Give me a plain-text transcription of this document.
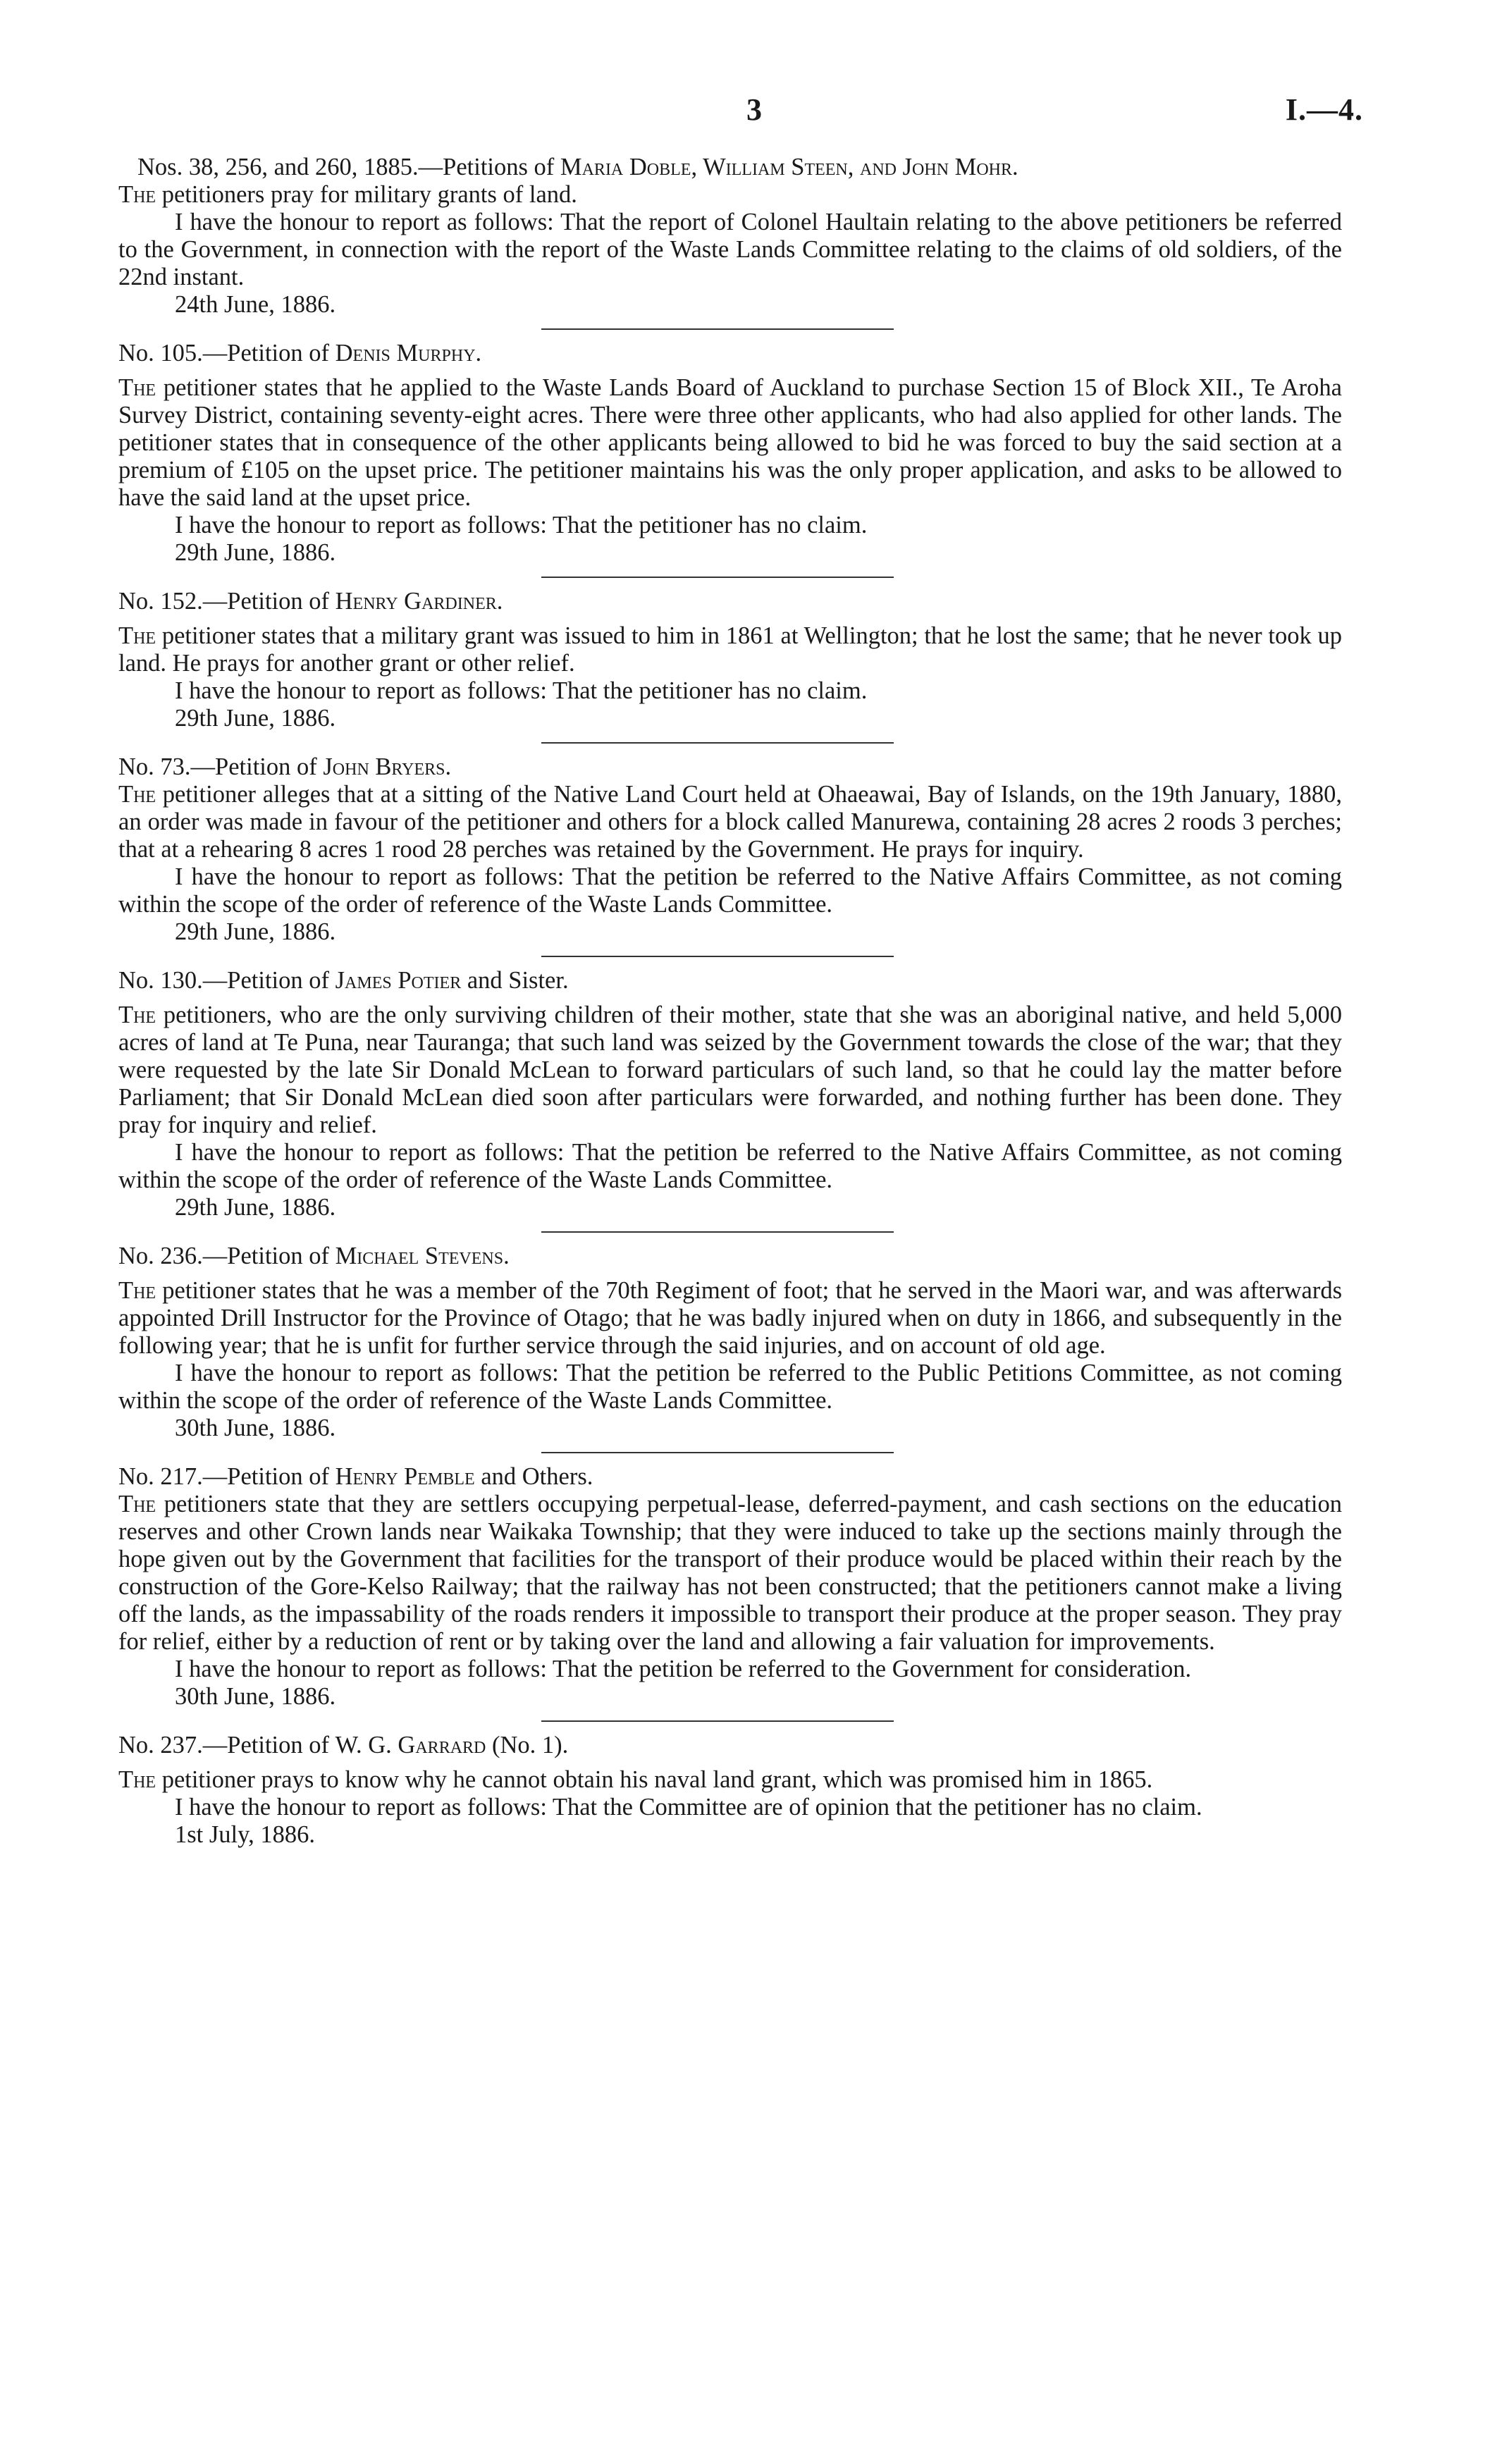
3	I.—4.

Nos. 38, 256, and 260, 1885.—Petitions of Maria Doble, William Steen, and John Mohr.

The petitioners pray for military grants of land.

I have the honour to report as follows: That the report of Colonel Haultain relating to the above petitioners be referred to the Government, in connection with the report of the Waste Lands Committee relating to the claims of old soldiers, of the 22nd instant.

24th June, 1886.

No. 105.—Petition of Denis Murphy.

The petitioner states that he applied to the Waste Lands Board of Auckland to purchase Section 15 of Block XII., Te Aroha Survey District, containing seventy-eight acres. There were three other applicants, who had also applied for other lands. The petitioner states that in consequence of the other applicants being allowed to bid he was forced to buy the said section at a premium of £105 on the upset price. The petitioner maintains his was the only proper application, and asks to be allowed to have the said land at the upset price.

I have the honour to report as follows: That the petitioner has no claim.

29th June, 1886.

No. 152.—Petition of Henry Gardiner.

The petitioner states that a military grant was issued to him in 1861 at Wellington; that he lost the same; that he never took up land. He prays for another grant or other relief.

I have the honour to report as follows: That the petitioner has no claim.

29th June, 1886.

No. 73.—Petition of John Bryers.

The petitioner alleges that at a sitting of the Native Land Court held at Ohaeawai, Bay of Islands, on the 19th January, 1880, an order was made in favour of the petitioner and others for a block called Manurewa, containing 28 acres 2 roods 3 perches; that at a rehearing 8 acres 1 rood 28 perches was retained by the Government. He prays for inquiry.

I have the honour to report as follows: That the petition be referred to the Native Affairs Committee, as not coming within the scope of the order of reference of the Waste Lands Committee.

29th June, 1886.

No. 130.—Petition of James Potier and Sister.

The petitioners, who are the only surviving children of their mother, state that she was an aboriginal native, and held 5,000 acres of land at Te Puna, near Tauranga; that such land was seized by the Government towards the close of the war; that they were requested by the late Sir Donald McLean to forward particulars of such land, so that he could lay the matter before Parliament; that Sir Donald McLean died soon after particulars were forwarded, and nothing further has been done. They pray for inquiry and relief.

I have the honour to report as follows: That the petition be referred to the Native Affairs Committee, as not coming within the scope of the order of reference of the Waste Lands Committee.

29th June, 1886.

No. 236.—Petition of Michael Stevens.

The petitioner states that he was a member of the 70th Regiment of foot; that he served in the Maori war, and was afterwards appointed Drill Instructor for the Province of Otago; that he was badly injured when on duty in 1866, and subsequently in the following year; that he is unfit for further service through the said injuries, and on account of old age.

I have the honour to report as follows: That the petition be referred to the Public Petitions Committee, as not coming within the scope of the order of reference of the Waste Lands Committee.

30th June, 1886.

No. 217.—Petition of Henry Pemble and Others.

The petitioners state that they are settlers occupying perpetual-lease, deferred-payment, and cash sections on the education reserves and other Crown lands near Waikaka Township; that they were induced to take up the sections mainly through the hope given out by the Government that facilities for the transport of their produce would be placed within their reach by the construction of the Gore-Kelso Railway; that the railway has not been constructed; that the petitioners cannot make a living off the lands, as the impassability of the roads renders it impossible to transport their produce at the proper season. They pray for relief, either by a reduction of rent or by taking over the land and allowing a fair valuation for improvements.

I have the honour to report as follows: That the petition be referred to the Government for consideration.

30th June, 1886.

No. 237.—Petition of W. G. Garrard (No. 1).

The petitioner prays to know why he cannot obtain his naval land grant, which was promised him in 1865.

I have the honour to report as follows: That the Committee are of opinion that the petitioner has no claim.

1st July, 1886.
